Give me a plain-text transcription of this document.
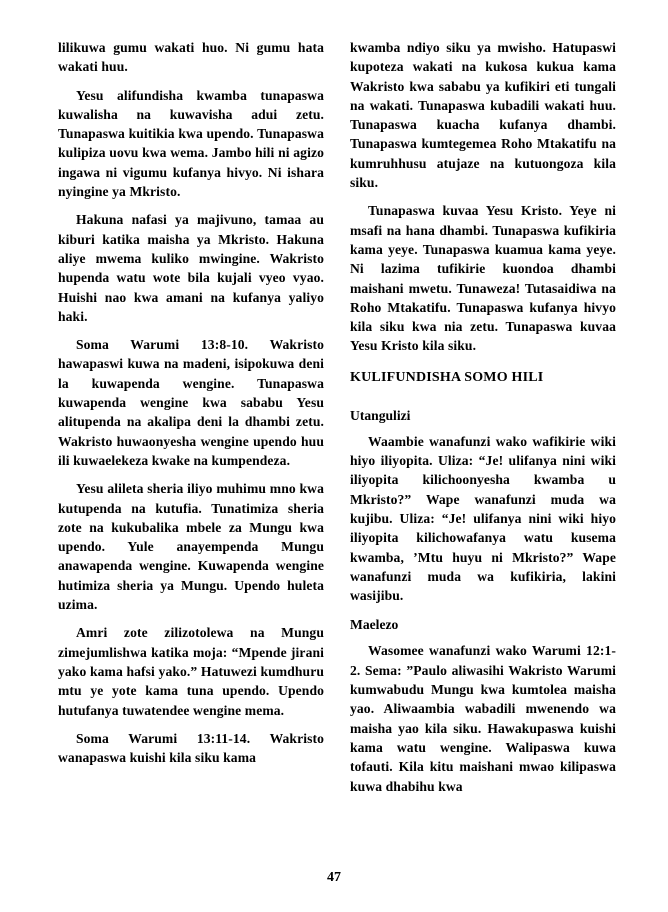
lilikuwa gumu wakati huo. Ni gumu hata wakati huu.

Yesu alifundisha kwamba tunapaswa kuwalisha na kuwavisha adui zetu. Tunapaswa kuitikia kwa upendo. Tunapaswa kulipiza uovu kwa wema. Jambo hili ni agizo ingawa ni vigumu kufanya hivyo. Ni ishara nyingine ya Mkristo.

Hakuna nafasi ya majivuno, tamaa au kiburi katika maisha ya Mkristo. Hakuna aliye mwema kuliko mwingine. Wakristo hupenda watu wote bila kujali vyeo vyao. Huishi nao kwa amani na kufanya yaliyo haki.

Soma Warumi 13:8-10. Wakristo hawapaswi kuwa na madeni, isipokuwa deni la kuwapenda wengine. Tunapaswa kuwapenda wengine kwa sababu Yesu alitupenda na akalipa deni la dhambi zetu. Wakristo huwaonyesha wengine upendo huu ili kuwaelekeza kwake na kumpendeza.

Yesu alileta sheria iliyo muhimu mno kwa kutupenda na kutufia. Tunatimiza sheria zote na kukubalika mbele za Mungu kwa upendo. Yule anayempenda Mungu anawapenda wengine. Kuwapenda wengine hutimiza sheria ya Mungu. Upendo huleta uzima.

Amri zote zilizotolewa na Mungu zimejumlishwa katika moja: “Mpende jirani yako kama hafsi yako.” Hatuwezi kumdhuru mtu ye yote kama tuna upendo. Upendo hutufanya tuwatendee wengine mema.

Soma Warumi 13:11-14. Wakristo wanapaswa kuishi kila siku kama

kwamba ndiyo siku ya mwisho. Hatupaswi kupoteza wakati na kukosa kukua kama Wakristo kwa sababu ya kufikiri eti tungali na wakati. Tunapaswa kubadili wakati huu. Tunapaswa kuacha kufanya dhambi. Tunapaswa kumtegemea Roho Mtakatifu na kumruhhusu atujaze na kutuongoza kila siku.

Tunapaswa kuvaa Yesu Kristo. Yeye ni msafi na hana dhambi. Tunapaswa kufikiria kama yeye. Tunapaswa kuamua kama yeye. Ni lazima tufikirie kuondoa dhambi maishani mwetu. Tunaweza! Tutasaidiwa na Roho Mtakatifu. Tunapaswa kufanya hivyo kila siku kwa nia zetu. Tunapaswa kuvaa Yesu Kristo kila siku.

KULIFUNDISHA SOMO HILI
Utangulizi

Waambie wanafunzi wako wafikirie wiki hiyo iliyopita. Uliza: “Je! ulifanya nini wiki iliyopita kilichoonyesha kwamba u Mkristo?” Wape wanafunzi muda wa kujibu. Uliza: “Je! ulifanya nini wiki hiyo iliyopita kilichowafanya watu kusema kwamba, ’Mtu huyu ni Mkristo?” Wape wanafunzi muda wa kufikiria, lakini wasijibu.

Maelezo

Wasomee wanafunzi wako Warumi 12:1-2. Sema: ”Paulo aliwasihi Wakristo Warumi kumwabudu Mungu kwa kumtolea maisha yao. Aliwaambia wabadili mwenendo wa maisha yao kila siku. Hawakupaswa kuishi kama watu wengine. Walipaswa kuwa tofauti. Kila kitu maishani mwao kilipaswa kuwa dhabihu kwa

47
